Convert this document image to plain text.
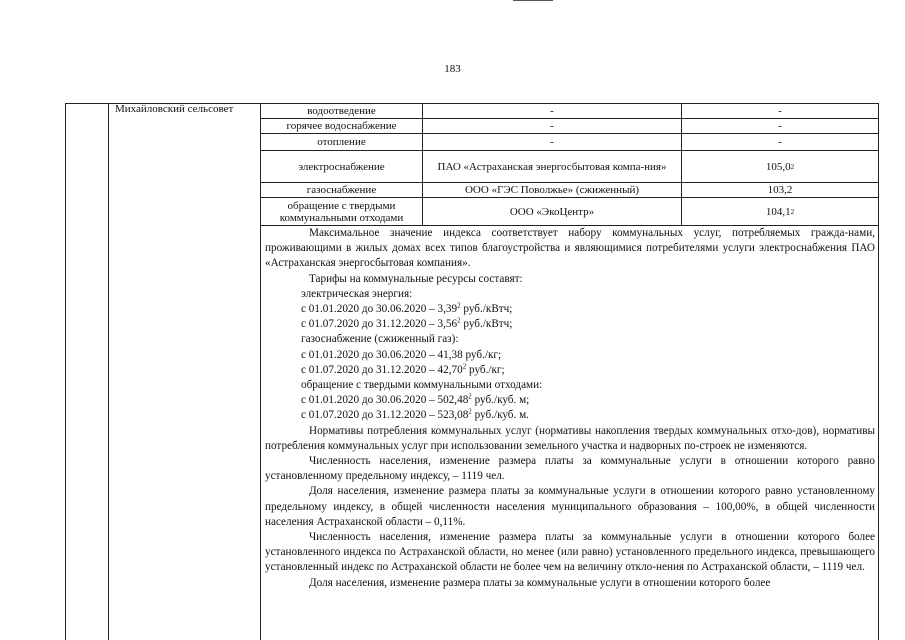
183
Михайловский сельсовет	водоотведение	-	-
горячее водоснабжение	-	-
отопление	-	-
электроснабжение	ПАО «Астраханская энергосбытовая компа-ния»	105,0 2
газоснабжение	ООО «ГЭС Поволжье» (сжиженный)	103,2
обращение с твердыми коммунальными отходами	ООО «ЭкоЦентр»	104,1 2

Максимальное значение индекса соответствует набору коммунальных услуг, потребляемых гражда-нами, проживающими в жилых домах всех типов благоустройства и являющимися потребителями услуги электроснабжения ПАО «Астраханская энергосбытовая компания».

Тарифы на коммунальные ресурсы составят:

электрическая энергия:

с 01.01.2020 до 30.06.2020 – 3,39$^2$ руб./кВтч;

с 01.07.2020 до 31.12.2020 – 3,56$^2$ руб./кВтч;

газоснабжение (сжиженный газ):

с 01.01.2020 до 30.06.2020 – 41,38 руб./кг;

с 01.07.2020 до 31.12.2020 – 42,70$^2$ руб./кг;

обращение с твердыми коммунальными отходами:

с 01.01.2020 до 30.06.2020 – 502,48$^2$ руб./куб. м;

с 01.07.2020 до 31.12.2020 – 523,08$^2$ руб./куб. м.

Нормативы потребления коммунальных услуг (нормативы накопления твердых коммунальных отхо-дов), нормативы потребления коммунальных услуг при использовании земельного участка и надворных по-строек не изменяются.

Численность населения, изменение размера платы за коммунальные услуги в отношении которого равно установленному предельному индексу, – 1119 чел.

Доля населения, изменение размера платы за коммунальные услуги в отношении которого равно установленному предельному индексу, в общей численности населения муниципального образования – 100,00%, в общей численности населения Астраханской области – 0,11%.

Численность населения, изменение размера платы за коммунальные услуги в отношении которого более установленного индекса по Астраханской области, но менее (или равно) установленного предельного индекса, превышающего установленный индекс по Астраханской области не более чем на величину откло-нения по Астраханской области, – 1119 чел.

Доля населения, изменение размера платы за коммунальные услуги в отношении которого более
